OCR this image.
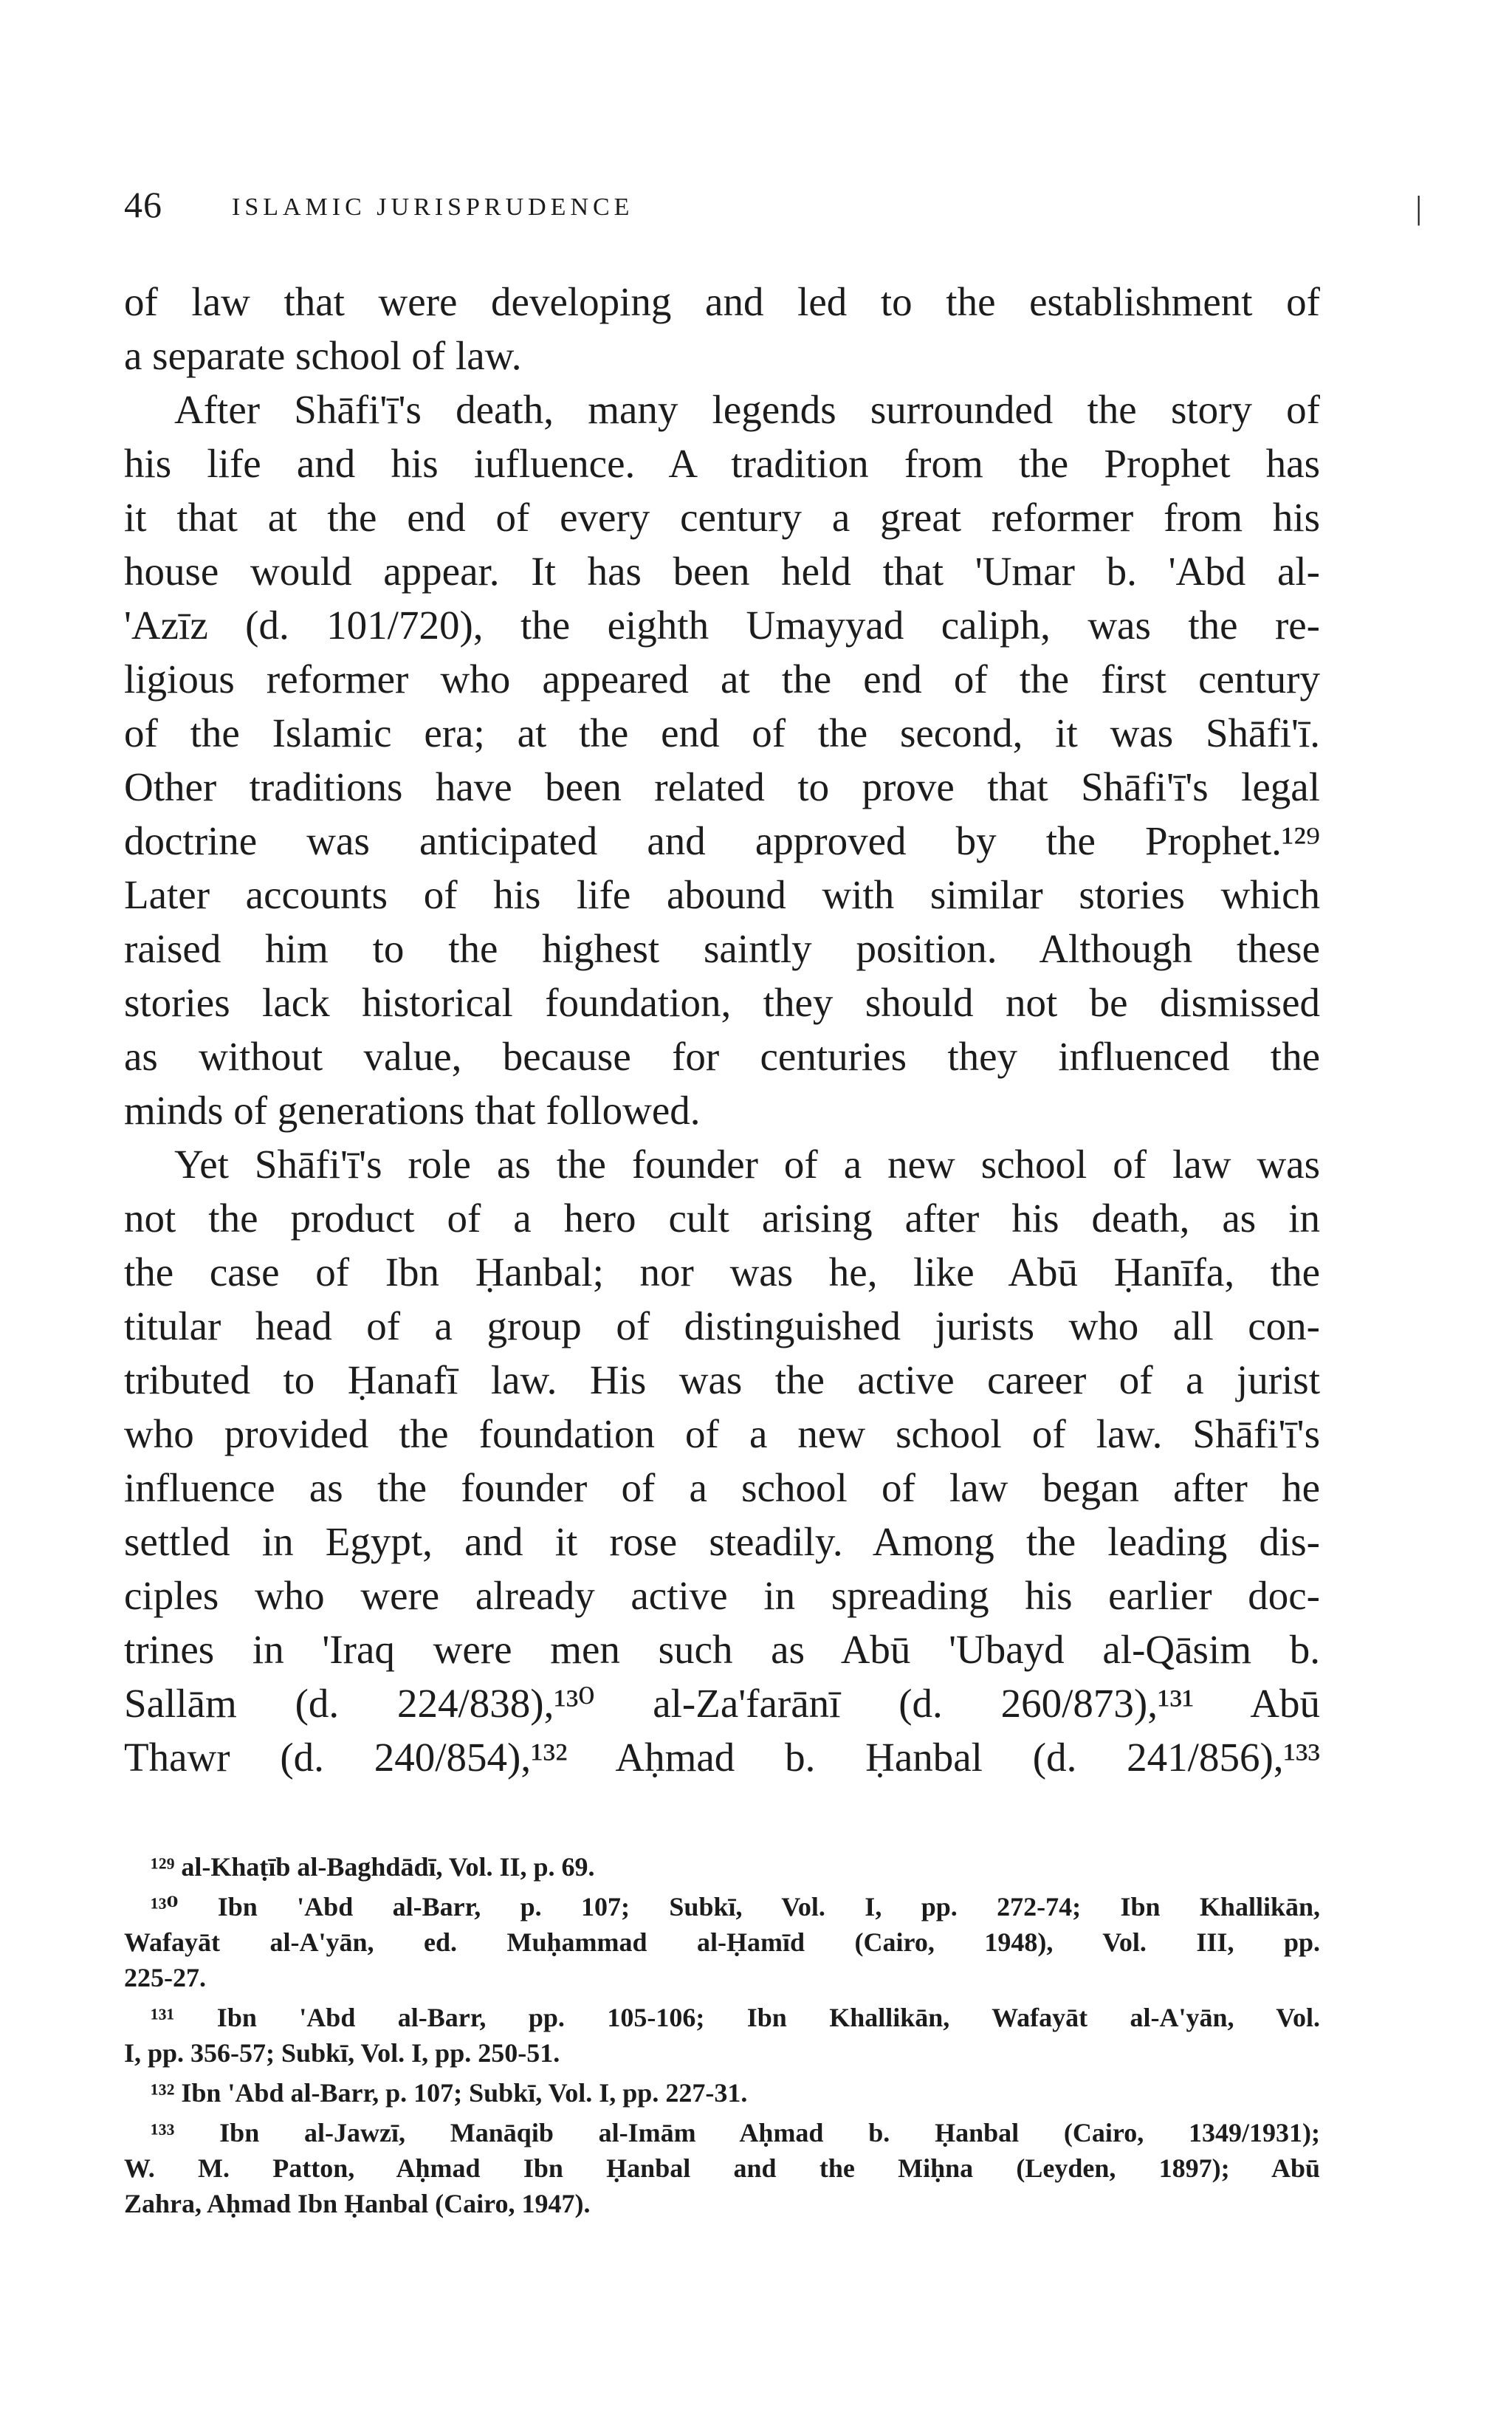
46	ISLAMIC JURISPRUDENCE	|
of law that were developing and led to the establishment of
a separate school of law.
After Shāfi'ī's death, many legends surrounded the story of
his life and his iufluence. A tradition from the Prophet has
it that at the end of every century a great reformer from his
house would appear. It has been held that 'Umar b. 'Abd al-
'Azīz (d. 101/720), the eighth Umayyad caliph, was the re-
ligious reformer who appeared at the end of the first century
of the Islamic era; at the end of the second, it was Shāfi'ī.
Other traditions have been related to prove that Shāfi'ī's legal
doctrine was anticipated and approved by the Prophet.¹²⁹
Later accounts of his life abound with similar stories which
raised him to the highest saintly position. Although these
stories lack historical foundation, they should not be dismissed
as without value, because for centuries they influenced the
minds of generations that followed.
Yet Shāfi'ī's role as the founder of a new school of law was
not the product of a hero cult arising after his death, as in
the case of Ibn Ḥanbal; nor was he, like Abū Ḥanīfa, the
titular head of a group of distinguished jurists who all con-
tributed to Ḥanafī law. His was the active career of a jurist
who provided the foundation of a new school of law. Shāfi'ī's
influence as the founder of a school of law began after he
settled in Egypt, and it rose steadily. Among the leading dis-
ciples who were already active in spreading his earlier doc-
trines in 'Iraq were men such as Abū 'Ubayd al-Qāsim b.
Sallām (d. 224/838),¹³⁰ al-Za'farānī (d. 260/873),¹³¹ Abū
Thawr (d. 240/854),¹³² Aḥmad b. Ḥanbal (d. 241/856),¹³³
¹²⁹ al-Khaṭīb al-Baghdādī, Vol. II, p. 69.
¹³⁰ Ibn 'Abd al-Barr, p. 107; Subkī, Vol. I, pp. 272-74; Ibn Khallikān,
Wafayāt al-A'yān, ed. Muḥammad al-Ḥamīd (Cairo, 1948), Vol. III, pp.
225-27.
¹³¹ Ibn 'Abd al-Barr, pp. 105-106; Ibn Khallikān, Wafayāt al-A'yān, Vol.
I, pp. 356-57; Subkī, Vol. I, pp. 250-51.
¹³² Ibn 'Abd al-Barr, p. 107; Subkī, Vol. I, pp. 227-31.
¹³³ Ibn al-Jawzī, Manāqib al-Imām Aḥmad b. Ḥanbal (Cairo, 1349/1931);
W. M. Patton, Aḥmad Ibn Ḥanbal and the Miḥna (Leyden, 1897); Abū
Zahra, Aḥmad Ibn Ḥanbal (Cairo, 1947).
